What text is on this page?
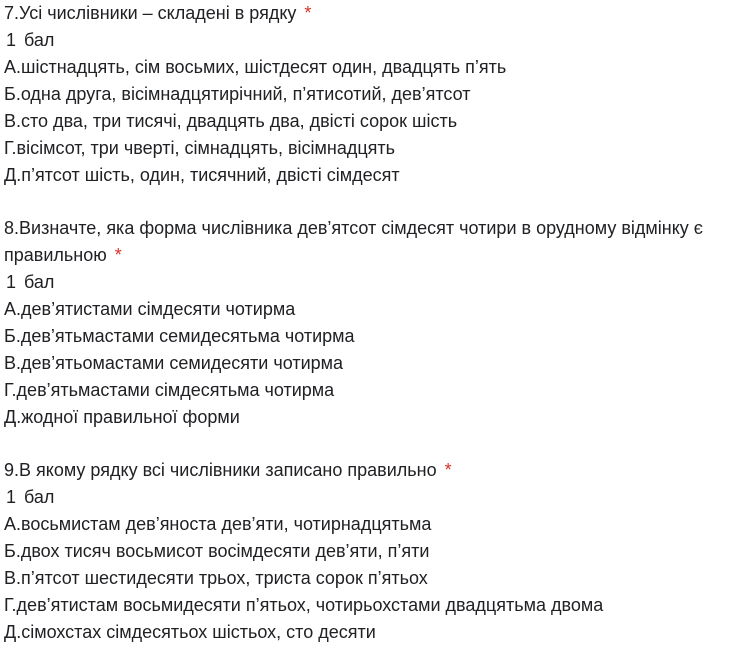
7.Усі числівники – складені в рядку *
1 бал
А.шістнадцять, сім восьмих, шістдесят один, двадцять п’ять
Б.одна друга, вісімнадцятирічний, п’ятисотий, дев’ятсот
В.сто два, три тисячі, двадцять два, двісті сорок шість
Г.вісімсот, три чверті, сімнадцять, вісімнадцять
Д.п’ятсот шість, один, тисячний, двісті сімдесят
8.Визначте, яка форма числівника дев’ятсот сімдесят чотири в орудному відмінку є правильною *
1 бал
А.дев’ятистами сімдесяти чотирма
Б.дев’ятьмастами семидесятьма чотирма
В.дев’ятьомастами семидесяти чотирма
Г.дев’ятьмастами сімдесятьма чотирма
Д.жодної правильної форми
9.В якому рядку всі числівники записано правильно *
1 бал
А.восьмистам дев’яноста дев’яти, чотирнадцятьма
Б.двох тисяч восьмисот восімдесяти дев’яти, п’яти
В.п’ятсот шестидесяти трьох, триста сорок п’ятьох
Г.дев’ятистам восьмидесяти п’ятьох, чотирьохстами двадцятьма двома
Д.сімохстах сімдесятьох шістьох, сто десяти
